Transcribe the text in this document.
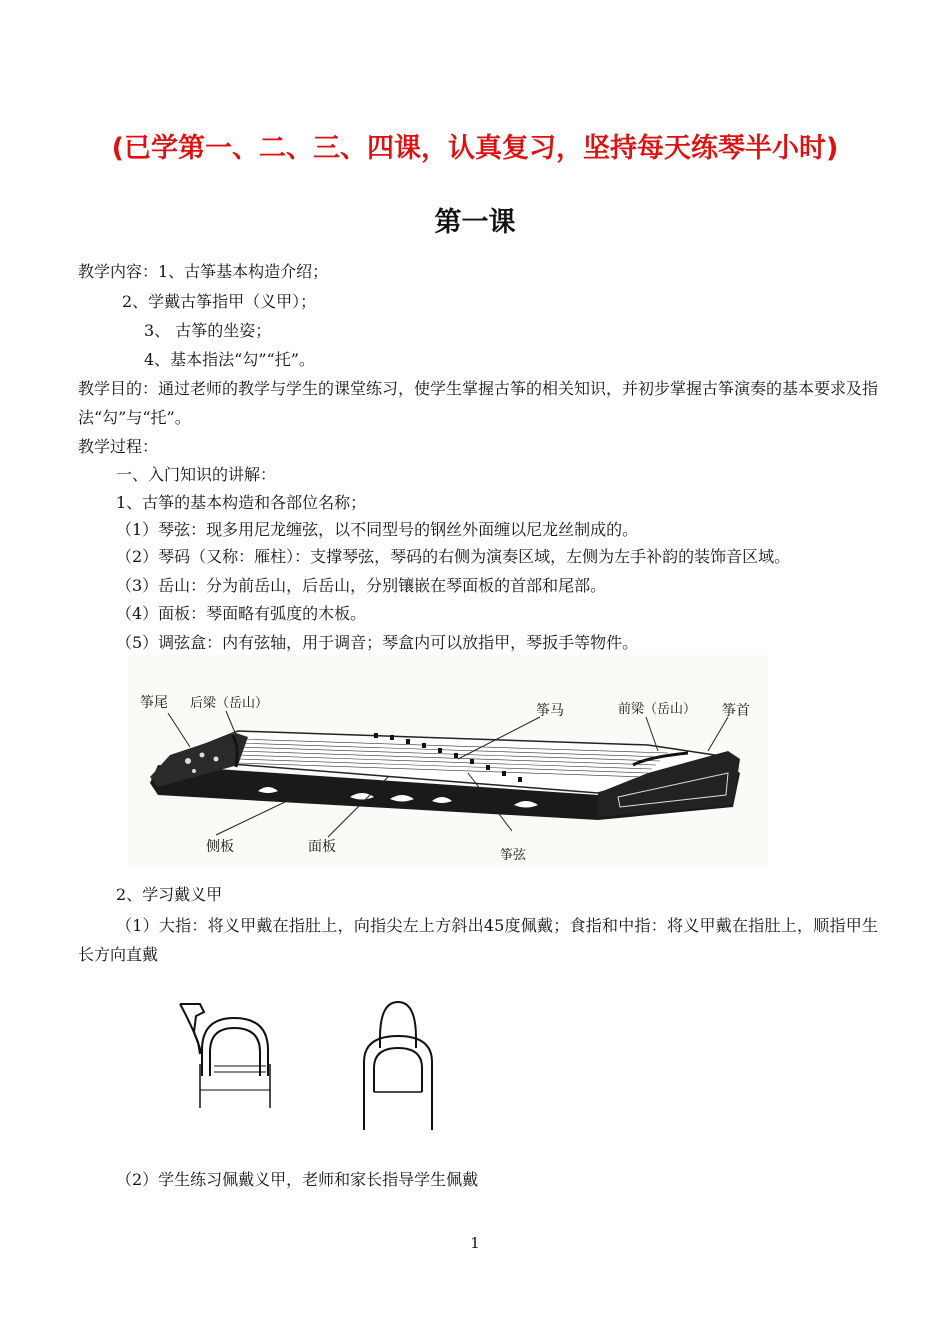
(已学第一、二、三、四课，认真复习，坚持每天练琴半小时)
第一课
教学内容：1、古筝基本构造介绍；
2、学戴古筝指甲（义甲）；
3、 古筝的坐姿；
4、基本指法“勾”“托”。
教学目的：通过老师的教学与学生的课堂练习，使学生掌握古筝的相关知识，并初步掌握古筝演奏的基本要求及指法“勾”与“托”。
教学过程：
一、入门知识的讲解：
1、古筝的基本构造和各部位名称；
（1）琴弦：现多用尼龙缠弦，以不同型号的钢丝外面缠以尼龙丝制成的。
（2）琴码（又称：雁柱）：支撑琴弦，琴码的右侧为演奏区域，左侧为左手补韵的装饰音区域。
（3）岳山：分为前岳山，后岳山，分别镶嵌在琴面板的首部和尾部。
（4）面板：琴面略有弧度的木板。
（5）调弦盒：内有弦轴，用于调音；琴盒内可以放指甲，琴扳手等物件。
筝尾 后梁（岳山）	筝马	前梁（岳山） 筝首
侧板	面板
筝弦
2、学习戴义甲
（1）大指：将义甲戴在指肚上，向指尖左上方斜出45度佩戴；食指和中指：将义甲戴在指肚上，顺指甲生长方向直戴
（2）学生练习佩戴义甲，老师和家长指导学生佩戴
1
